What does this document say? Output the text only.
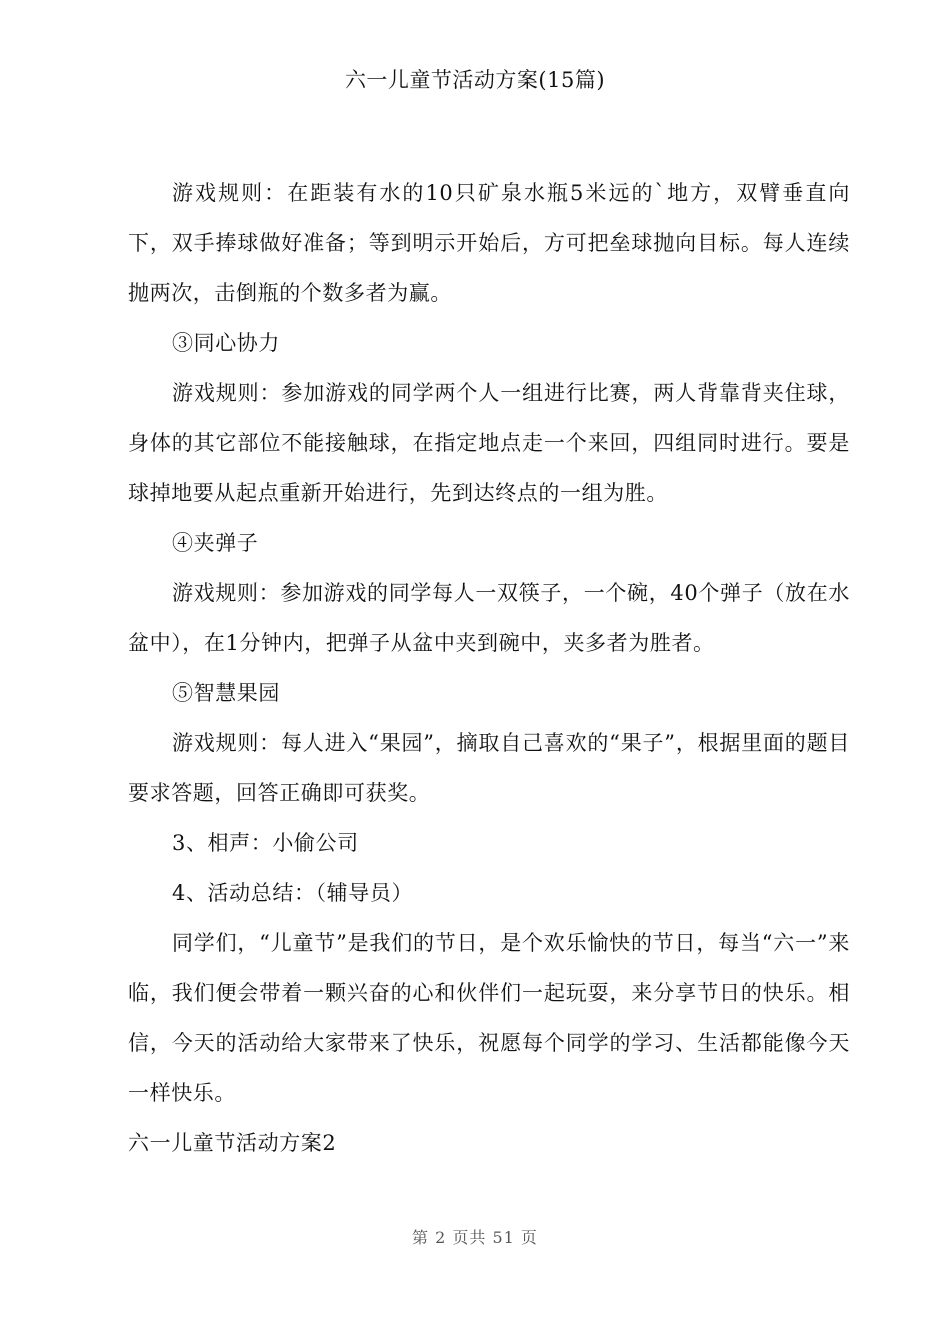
六一儿童节活动方案(15篇)

游戏规则：在距装有水的10只矿泉水瓶5米远的`地方，双臂垂直向下，双手捧球做好准备；等到明示开始后，方可把垒球抛向目标。每人连续抛两次，击倒瓶的个数多者为赢。

③同心协力

游戏规则：参加游戏的同学两个人一组进行比赛，两人背靠背夹住球，身体的其它部位不能接触球，在指定地点走一个来回，四组同时进行。要是球掉地要从起点重新开始进行，先到达终点的一组为胜。

④夹弹子

游戏规则：参加游戏的同学每人一双筷子，一个碗，40个弹子（放在水盆中），在1分钟内，把弹子从盆中夹到碗中，夹多者为胜者。

⑤智慧果园

游戏规则：每人进入“果园”，摘取自己喜欢的“果子”，根据里面的题目要求答题，回答正确即可获奖。

3、相声：小偷公司

4、活动总结：（辅导员）

同学们，“儿童节”是我们的节日，是个欢乐愉快的节日，每当“六一”来临，我们便会带着一颗兴奋的心和伙伴们一起玩耍，来分享节日的快乐。相信，今天的活动给大家带来了快乐，祝愿每个同学的学习、生活都能像今天一样快乐。

六一儿童节活动方案2

第 2 页共 51 页
